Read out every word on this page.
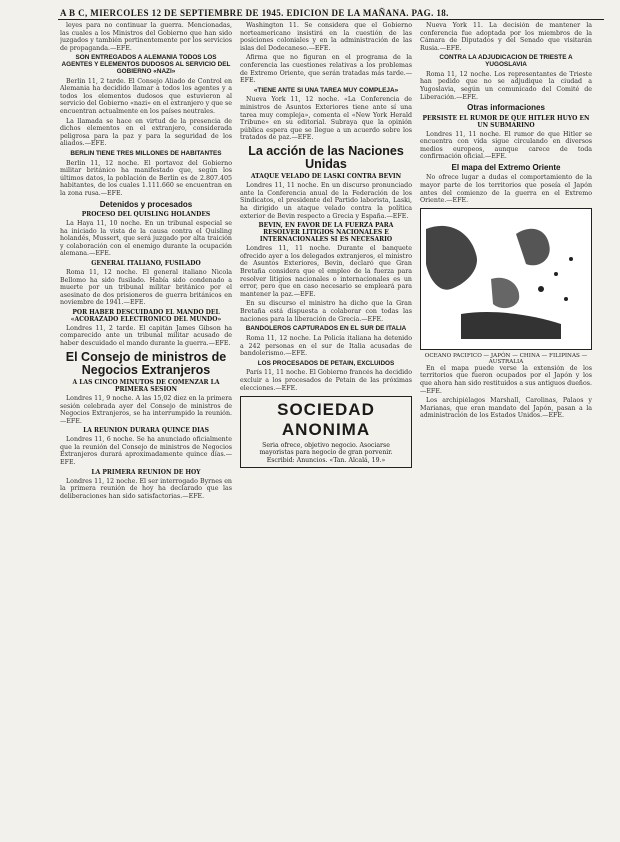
A B C, MIERCOLES 12 DE SEPTIEMBRE DE 1945. EDICION DE LA MAÑANA. PAG. 18.

leyes para no continuar la guerra. Mencionadas, las cuales a los Ministros del Gobierno que han sido juzgados y también pertinentemente por los servicios de propaganda.—EFE.

SON ENTREGADOS A ALEMANIA TODOS LOS AGENTES Y ELEMENTOS DUDOSOS AL SERVICIO DEL GOBIERNO «NAZI»

Berlín 11, 2 tarde. El Consejo Aliado de Control en Alemania ha decidido llamar a todos los agentes y a todos los elementos dudosos que estuvieron al servicio del Gobierno «nazi» en el extranjero y que se encuentran actualmente en los países neutrales.

La llamada se hace en virtud de la presencia de dichos elementos en el extranjero, considerada peligrosa para la paz y para la seguridad de los aliados.—EFE.

BERLIN TIENE TRES MILLONES DE HABITANTES

Berlín 11, 12 noche. El portavoz del Gobierno militar británico ha manifestado que, según los últimos datos, la población de Berlín es de 2.807.405 habitantes, de los cuales 1.111.660 se encuentran en la zona rusa.—EFE.

Detenidos y procesados
PROCESO DEL QUISLING HOLANDES

La Haya 11, 10 noche. En un tribunal especial se ha iniciado la vista de la causa contra el Quisling holandés, Mussert, que será juzgado por alta traición y colaboración con el enemigo durante la ocupación alemana.—EFE.

GENERAL ITALIANO, FUSILADO

Roma 11, 12 noche. El general italiano Nicola Bellomo ha sido fusilado. Había sido condenado a muerte por un tribunal militar británico por el asesinato de dos prisioneros de guerra británicos en noviembre de 1941.—EFE.

POR HABER DESCUIDADO EL MANDO DEL «ACORAZADO ELECTRONICO DEL MUNDO»

Londres 11, 2 tarde. El capitán James Gibson ha comparecido ante un tribunal militar acusado de haber descuidado el mando durante la guerra.—EFE.

El Consejo de ministros de Negocios Extranjeros
A LAS CINCO MINUTOS DE COMENZAR LA PRIMERA SESION

Londres 11, 9 noche. A las 15,02 diez en la primera sesión celebrada ayer del Consejo de ministros de Negocios Extranjeros, se ha interrumpido la reunión.—EFE.

LA REUNION DURARA QUINCE DIAS

Londres 11, 6 noche. Se ha anunciado oficialmente que la reunión del Consejo de ministros de Negocios Extranjeros durará aproximadamente quince días.—EFE.

LA PRIMERA REUNION DE HOY

Londres 11, 12 noche. El ser interrogado Byrnes en la primera reunión de hoy ha declarado que las deliberaciones han sido satisfactorias.—EFE.

Washington 11. Se considera que el Gobierno norteamericano insistirá en la cuestión de las posiciones coloniales y en la administración de las islas del Dodecaneso.—EFE.

Afirma que no figuran en el programa de la conferencia las cuestiones relativas a los problemas de Extremo Oriente, que serán tratadas más tarde.—EFE.

«TIENE ANTE SI UNA TAREA MUY COMPLEJA»

Nueva York 11, 12 noche. «La Conferencia de ministros de Asuntos Exteriores tiene ante sí una tarea muy compleja», comenta el «New York Herald Tribune» en su editorial. Subraya que la opinión pública espera que se llegue a un acuerdo sobre los tratados de paz.—EFE.

La acción de las Naciones Unidas
ATAQUE VELADO DE LASKI CONTRA BEVIN

Londres 11, 11 noche. En un discurso pronunciado ante la Conferencia anual de la Federación de los Sindicatos, el presidente del Partido laborista, Laski, ha dirigido un ataque velado contra la política exterior de Bevin respecto a Grecia y España.—EFE.

BEVIN, EN FAVOR DE LA FUERZA PARA RESOLVER LITIGIOS NACIONALES E INTERNACIONALES SI ES NECESARIO

Londres 11, 11 noche. Durante el banquete ofrecido ayer a los delegados extranjeros, el ministro de Asuntos Exteriores, Bevin, declaró que Gran Bretaña considera que el empleo de la fuerza para resolver litigios nacionales o internacionales es un error, pero que en caso necesario se empleará para mantener la paz.—EFE.

En su discurso el ministro ha dicho que la Gran Bretaña está dispuesta a colaborar con todas las naciones para la liberación de Grecia.—EFE.

BANDOLEROS CAPTURADOS EN EL SUR DE ITALIA

Roma 11, 12 noche. La Policía italiana ha detenido a 242 personas en el sur de Italia acusadas de bandolerismo.—EFE.

LOS PROCESADOS DE PETAIN, EXCLUIDOS

París 11, 11 noche. El Gobierno francés ha decidido excluir a los procesados de Petain de las próximas elecciones.—EFE.

SOCIEDAD ANONIMA
Seria ofrece, objetivo negocio. Asociarse mayoristas para negocio de gran porvenir. Escribid: Anuncios. «Tan. Alcalá, 19.»

Nueva York 11. La decisión de mantener la conferencia fue adoptada por los miembros de la Cámara de Diputados y del Senado que visitarán Rusia.—EFE.

CONTRA LA ADJUDICACION DE TRIESTE A YUGOSLAVIA

Roma 11, 12 noche. Los representantes de Trieste han pedido que no se adjudique la ciudad a Yugoslavia, según un comunicado del Comité de Liberación.—EFE.

Otras informaciones
PERSISTE EL RUMOR DE QUE HITLER HUYO EN UN SUBMARINO

Londres 11, 11 noche. El rumor de que Hitler se encuentra con vida sigue circulando en diversos medios europeos, aunque carece de toda confirmación oficial.—EFE.

El mapa del Extremo Oriente

No ofrece lugar a dudas el comportamiento de la mayor parte de los territorios que poseía el Japón antes del comienzo de la guerra en el Extremo Oriente.—EFE.

OCEANO PACIFICO — JAPÓN — CHINA — FILIPINAS — AUSTRALIA

En el mapa puede verse la extensión de los territorios que fueron ocupados por el Japón y los que ahora han sido restituidos a sus antiguos dueños.—EFE.

Los archipiélagos Marshall, Carolinas, Palaos y Marianas, que eran mandato del Japón, pasan a la administración de los Estados Unidos.—EFE.
